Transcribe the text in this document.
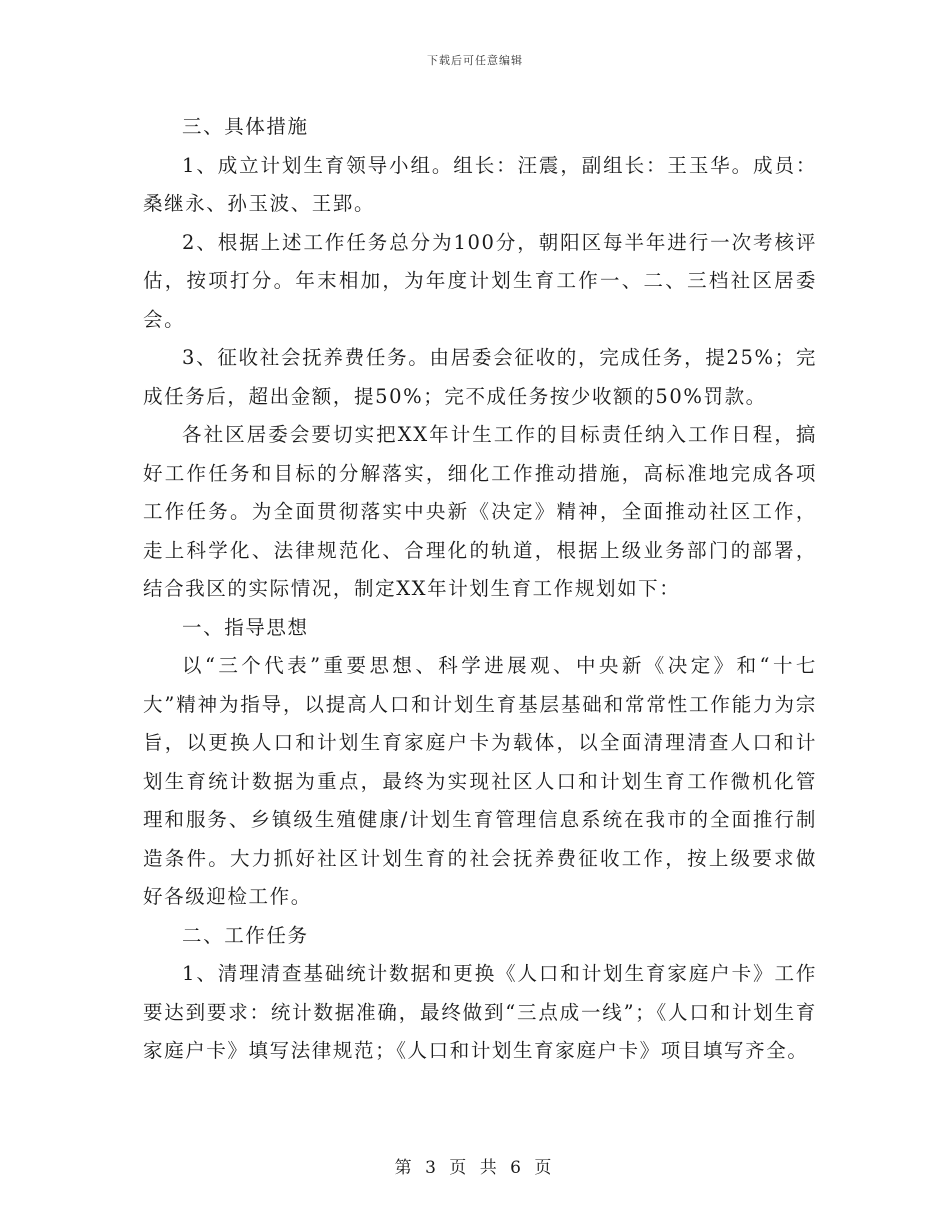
下载后可任意编辑

三、具体措施

1、成立计划生育领导小组。组长：汪震，副组长：王玉华。成员：桑继永、孙玉波、王郢。

2、根据上述工作任务总分为100分，朝阳区每半年进行一次考核评估，按项打分。年末相加，为年度计划生育工作一、二、三档社区居委会。

3、征收社会抚养费任务。由居委会征收的，完成任务，提25%；完成任务后，超出金额，提50%；完不成任务按少收额的50%罚款。

各社区居委会要切实把XX年计生工作的目标责任纳入工作日程，搞好工作任务和目标的分解落实，细化工作推动措施，高标准地完成各项工作任务。为全面贯彻落实中央新《决定》精神，全面推动社区工作，走上科学化、法律规范化、合理化的轨道，根据上级业务部门的部署，结合我区的实际情况，制定XX年计划生育工作规划如下：

一、指导思想

以“三个代表”重要思想、科学进展观、中央新《决定》和“十七大”精神为指导，以提高人口和计划生育基层基础和常常性工作能力为宗旨，以更换人口和计划生育家庭户卡为载体，以全面清理清查人口和计划生育统计数据为重点，最终为实现社区人口和计划生育工作微机化管理和服务、乡镇级生殖健康/计划生育管理信息系统在我市的全面推行制造条件。大力抓好社区计划生育的社会抚养费征收工作，按上级要求做好各级迎检工作。

二、工作任务

1、清理清查基础统计数据和更换《人口和计划生育家庭户卡》工作要达到要求：统计数据准确，最终做到“三点成一线”；《人口和计划生育家庭户卡》填写法律规范；《人口和计划生育家庭户卡》项目填写齐全。

第 3 页 共 6 页
